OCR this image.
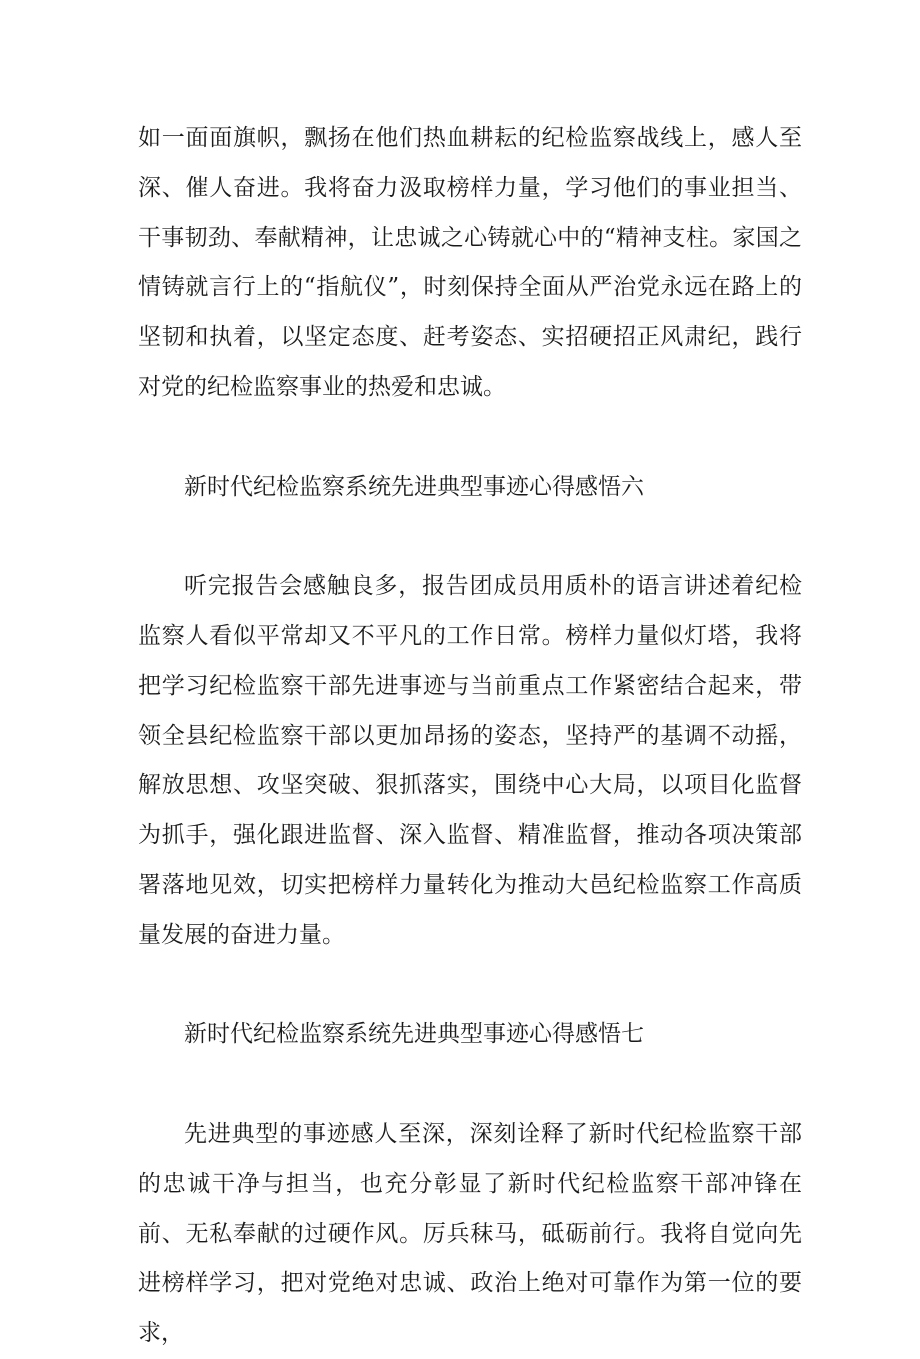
如一面面旗帜，飘扬在他们热血耕耘的纪检监察战线上，感人至深、催人奋进。我将奋力汲取榜样力量，学习他们的事业担当、干事韧劲、奉献精神，让忠诚之心铸就心中的“精神支柱。家国之情铸就言行上的“指航仪”，时刻保持全面从严治党永远在路上的坚韧和执着，以坚定态度、赶考姿态、实招硬招正风肃纪，践行对党的纪检监察事业的热爱和忠诚。

新时代纪检监察系统先进典型事迹心得感悟六

听完报告会感触良多，报告团成员用质朴的语言讲述着纪检监察人看似平常却又不平凡的工作日常。榜样力量似灯塔，我将把学习纪检监察干部先进事迹与当前重点工作紧密结合起来，带领全县纪检监察干部以更加昂扬的姿态，坚持严的基调不动摇，解放思想、攻坚突破、狠抓落实，围绕中心大局，以项目化监督为抓手，强化跟进监督、深入监督、精准监督，推动各项决策部署落地见效，切实把榜样力量转化为推动大邑纪检监察工作高质量发展的奋进力量。

新时代纪检监察系统先进典型事迹心得感悟七

先进典型的事迹感人至深，深刻诠释了新时代纪检监察干部的忠诚干净与担当，也充分彰显了新时代纪检监察干部冲锋在前、无私奉献的过硬作风。厉兵秣马，砥砺前行。我将自觉向先进榜样学习，把对党绝对忠诚、政治上绝对可靠作为第一位的要求，
